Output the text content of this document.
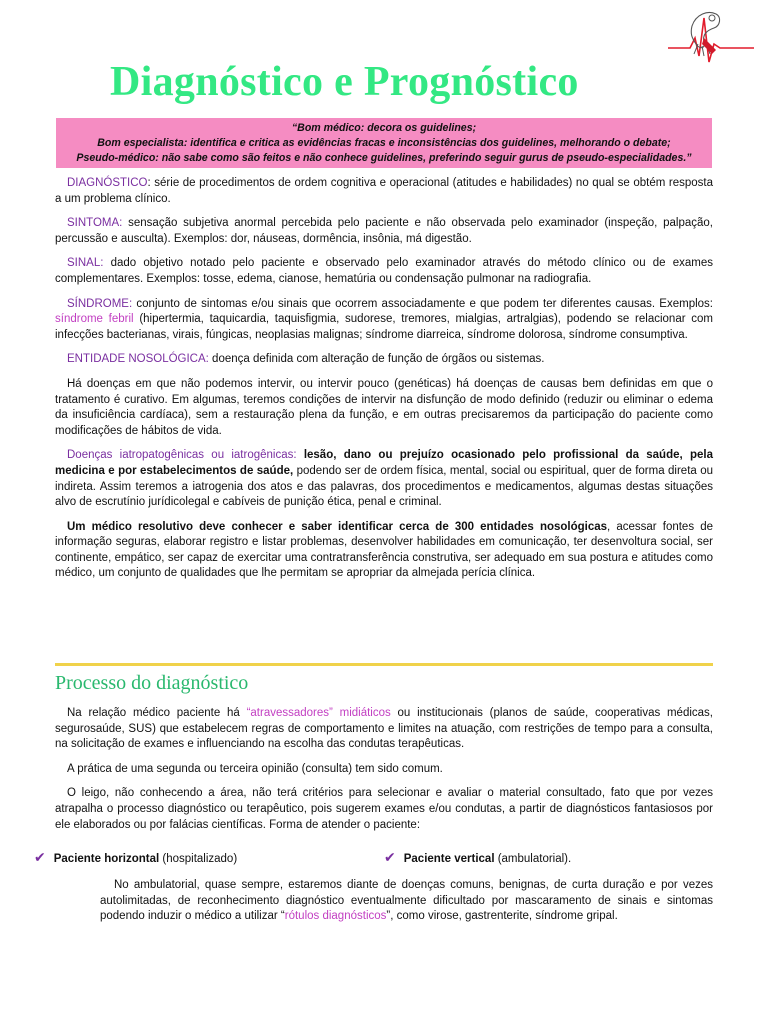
Diagnóstico e Prognóstico
“Bom médico: decora os guidelines;
Bom especialista: identifica e critica as evidências fracas e inconsistências dos guidelines, melhorando o debate;
Pseudo-médico: não sabe como são feitos e não conhece guidelines, preferindo seguir gurus de pseudo-especialidades.”

DIAGNÓSTICO: série de procedimentos de ordem cognitiva e operacional (atitudes e habilidades) no qual se obtém resposta a um problema clínico.

SINTOMA: sensação subjetiva anormal percebida pelo paciente e não observada pelo examinador (inspeção, palpação, percussão e ausculta). Exemplos: dor, náuseas, dormência, insônia, má digestão.

SINAL: dado objetivo notado pelo paciente e observado pelo examinador através do método clínico ou de exames complementares. Exemplos: tosse, edema, cianose, hematúria ou condensação pulmonar na radiografia.

SÍNDROME: conjunto de sintomas e/ou sinais que ocorrem associadamente e que podem ter diferentes causas. Exemplos: síndrome febril (hipertermia, taquicardia, taquisfigmia, sudorese, tremores, mialgias, artralgias), podendo se relacionar com infecções bacterianas, virais, fúngicas, neoplasias malignas; síndrome diarreica, síndrome dolorosa, síndrome consumptiva.

ENTIDADE NOSOLÓGICA: doença definida com alteração de função de órgãos ou sistemas.

Há doenças em que não podemos intervir, ou intervir pouco (genéticas) há doenças de causas bem definidas em que o tratamento é curativo. Em algumas, teremos condições de intervir na disfunção de modo definido (reduzir ou eliminar o edema da insuficiência cardíaca), sem a restauração plena da função, e em outras precisaremos da participação do paciente como modificações de hábitos de vida.

Doenças iatropatogênicas ou iatrogênicas: lesão, dano ou prejuízo ocasionado pelo profissional da saúde, pela medicina e por estabelecimentos de saúde, podendo ser de ordem física, mental, social ou espiritual, quer de forma direta ou indireta. Assim teremos a iatrogenia dos atos e das palavras, dos procedimentos e medicamentos, algumas destas situações alvo de escrutínio jurídicolegal e cabíveis de punição ética, penal e criminal.

Um médico resolutivo deve conhecer e saber identificar cerca de 300 entidades nosológicas, acessar fontes de informação seguras, elaborar registro e listar problemas, desenvolver habilidades em comunicação, ter desenvoltura social, ser continente, empático, ser capaz de exercitar uma contratransferência construtiva, ser adequado em sua postura e atitudes como médico, um conjunto de qualidades que lhe permitam se apropriar da almejada perícia clínica.

Processo do diagnóstico

Na relação médico paciente há “atravessadores” midiáticos ou institucionais (planos de saúde, cooperativas médicas, segurosaúde, SUS) que estabelecem regras de comportamento e limites na atuação, com restrições de tempo para a consulta, na solicitação de exames e influenciando na escolha das condutas terapêuticas.

A prática de uma segunda ou terceira opinião (consulta) tem sido comum.

O leigo, não conhecendo a área, não terá critérios para selecionar e avaliar o material consultado, fato que por vezes atrapalha o processo diagnóstico ou terapêutico, pois sugerem exames e/ou condutas, a partir de diagnósticos fantasiosos por ele elaborados ou por falácias científicas. Forma de atender o paciente:

✔ Paciente horizontal (hospitalizado)	✔ Paciente vertical (ambulatorial).

No ambulatorial, quase sempre, estaremos diante de doenças comuns, benignas, de curta duração e por vezes autolimitadas, de reconhecimento diagnóstico eventualmente dificultado por mascaramento de sinais e sintomas podendo induzir o médico a utilizar “rótulos diagnósticos”, como virose, gastrenterite, síndrome gripal.
